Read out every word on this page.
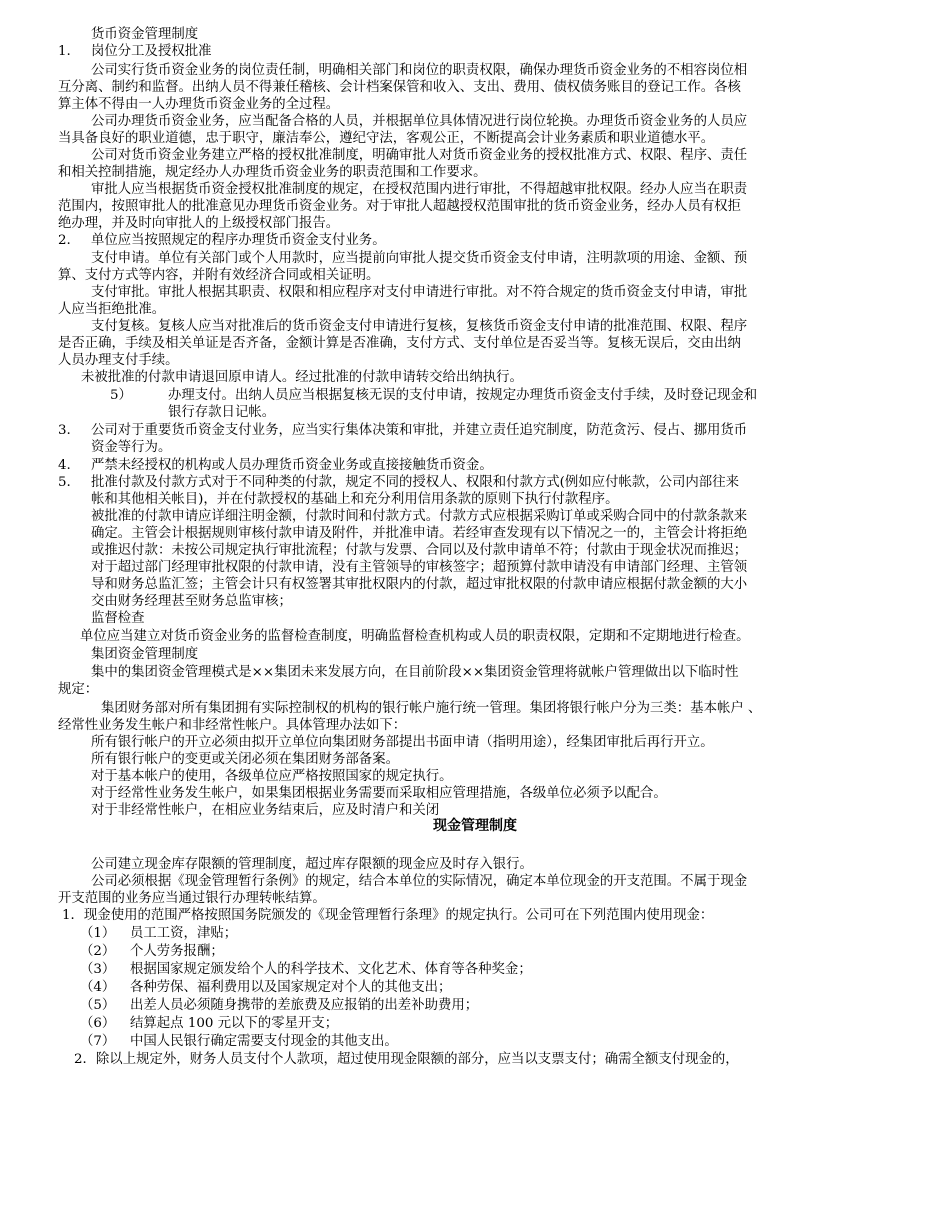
货币资金管理制度
1. 岗位分工及授权批准
公司实行货币资金业务的岗位责任制，明确相关部门和岗位的职责权限，确保办理货币资金业务的不相容岗位相
互分离、制约和监督。出纳人员不得兼任稽核、会计档案保管和收入、支出、费用、债权债务账目的登记工作。各核
算主体不得由一人办理货币资金业务的全过程。
公司办理货币资金业务，应当配备合格的人员，并根据单位具体情况进行岗位轮换。办理货币资金业务的人员应
当具备良好的职业道德，忠于职守，廉洁奉公，遵纪守法，客观公正，不断提高会计业务素质和职业道德水平。
公司对货币资金业务建立严格的授权批准制度，明确审批人对货币资金业务的授权批准方式、权限、程序、责任
和相关控制措施，规定经办人办理货币资金业务的职责范围和工作要求。
审批人应当根据货币资金授权批准制度的规定，在授权范围内进行审批，不得超越审批权限。经办人应当在职责
范围内，按照审批人的批准意见办理货币资金业务。对于审批人超越授权范围审批的货币资金业务，经办人员有权拒
绝办理，并及时向审批人的上级授权部门报告。
2. 单位应当按照规定的程序办理货币资金支付业务。
支付申请。单位有关部门或个人用款时，应当提前向审批人提交货币资金支付申请，注明款项的用途、金额、预
算、支付方式等内容，并附有效经济合同或相关证明。
支付审批。审批人根据其职责、权限和相应程序对支付申请进行审批。对不符合规定的货币资金支付申请，审批
人应当拒绝批准。
支付复核。复核人应当对批准后的货币资金支付申请进行复核，复核货币资金支付申请的批准范围、权限、程序
是否正确，手续及相关单证是否齐备，金额计算是否准确，支付方式、支付单位是否妥当等。复核无误后，交由出纳
人员办理支付手续。
未被批准的付款申请退回原申请人。经过批准的付款申请转交给出纳执行。
5）	办理支付。出纳人员应当根据复核无误的支付申请，按规定办理货币资金支付手续，及时登记现金和
银行存款日记帐。
3. 公司对于重要货币资金支付业务，应当实行集体决策和审批，并建立责任追究制度，防范贪污、侵占、挪用货币
资金等行为。
4. 严禁未经授权的机构或人员办理货币资金业务或直接接触货币资金。
5. 批准付款及付款方式对于不同种类的付款，规定不同的授权人、权限和付款方式(例如应付帐款，公司内部往来
帐和其他相关帐目)，并在付款授权的基础上和充分利用信用条款的原则下执行付款程序。
被批准的付款申请应详细注明金额，付款时间和付款方式。付款方式应根据采购订单或采购合同中的付款条款来
确定。主管会计根据规则审核付款申请及附件，并批准申请。若经审查发现有以下情况之一的，主管会计将拒绝
或推迟付款：未按公司规定执行审批流程；付款与发票、合同以及付款申请单不符；付款由于现金状况而推迟；
对于超过部门经理审批权限的付款申请，没有主管领导的审核签字；超预算付款申请没有申请部门经理、主管领
导和财务总监汇签；主管会计只有权签署其审批权限内的付款，超过审批权限的付款申请应根据付款金额的大小
交由财务经理甚至财务总监审核；
监督检查
单位应当建立对货币资金业务的监督检查制度，明确监督检查机构或人员的职责权限，定期和不定期地进行检查。
集团资金管理制度
集中的集团资金管理模式是××集团未来发展方向，在目前阶段××集团资金管理将就帐户管理做出以下临时性
规定：
集团财务部对所有集团拥有实际控制权的机构的银行帐户施行统一管理。集团将银行帐户分为三类：基本帐户 、
经常性业务发生帐户和非经常性帐户。具体管理办法如下：
所有银行帐户的开立必须由拟开立单位向集团财务部提出书面申请（指明用途），经集团审批后再行开立。
所有银行帐户的变更或关闭必须在集团财务部备案。
对于基本帐户的使用，各级单位应严格按照国家的规定执行。
对于经常性业务发生帐户，如果集团根据业务需要而采取相应管理措施，各级单位必须予以配合。
对于非经常性帐户，在相应业务结束后，应及时清户和关闭
现金管理制度
公司建立现金库存限额的管理制度，超过库存限额的现金应及时存入银行。
公司必须根据《现金管理暂行条例》的规定，结合本单位的实际情况，确定本单位现金的开支范围。不属于现金
开支范围的业务应当通过银行办理转帐结算。
1．现金使用的范围严格按照国务院颁发的《现金管理暂行条理》的规定执行。公司可在下列范围内使用现金：
（1） 员工工资，津贴；
（2） 个人劳务报酬；
（3） 根据国家规定颁发给个人的科学技术、文化艺术、体育等各种奖金；
（4） 各种劳保、福利费用以及国家规定对个人的其他支出；
（5） 出差人员必须随身携带的差旅费及应报销的出差补助费用；
（6） 结算起点 100 元以下的零星开支；
（7） 中国人民银行确定需要支付现金的其他支出。
2．除以上规定外，财务人员支付个人款项，超过使用现金限额的部分，应当以支票支付；确需全额支付现金的，
